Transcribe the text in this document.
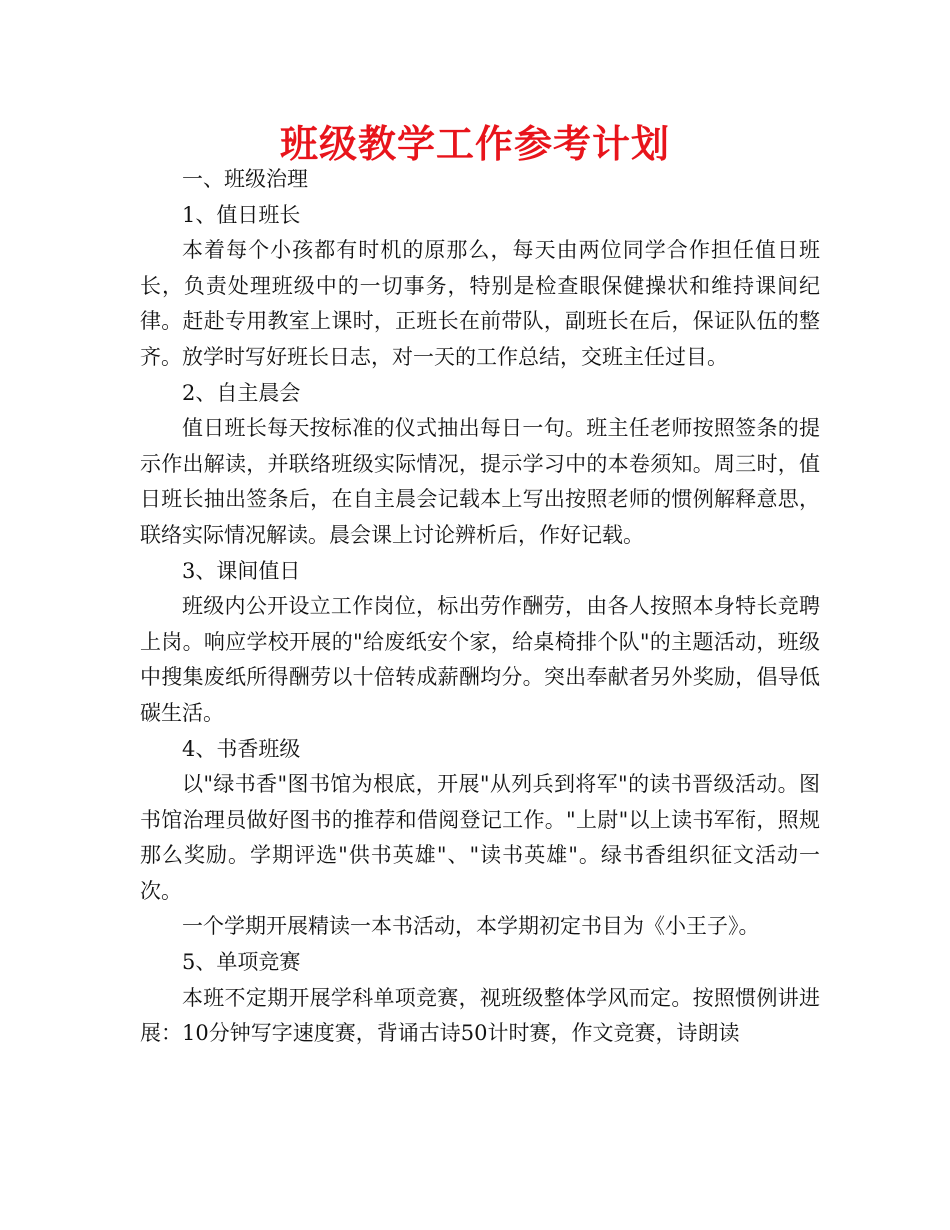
班级教学工作参考计划

一、班级治理

1、值日班长

本着每个小孩都有时机的原那么，每天由两位同学合作担任值日班长，负责处理班级中的一切事务，特别是检查眼保健操状和维持课间纪律。赶赴专用教室上课时，正班长在前带队，副班长在后，保证队伍的整齐。放学时写好班长日志，对一天的工作总结，交班主任过目。

2、自主晨会

值日班长每天按标准的仪式抽出每日一句。班主任老师按照签条的提示作出解读，并联络班级实际情况，提示学习中的本卷须知。周三时，值日班长抽出签条后，在自主晨会记载本上写出按照老师的惯例解释意思，联络实际情况解读。晨会课上讨论辨析后，作好记载。

3、课间值日

班级内公开设立工作岗位，标出劳作酬劳，由各人按照本身特长竞聘上岗。响应学校开展的"给废纸安个家，给桌椅排个队"的主题活动，班级中搜集废纸所得酬劳以十倍转成薪酬均分。突出奉献者另外奖励，倡导低碳生活。

4、书香班级

以"绿书香"图书馆为根底，开展"从列兵到将军"的读书晋级活动。图书馆治理员做好图书的推荐和借阅登记工作。"上尉"以上读书军衔，照规那么奖励。学期评选"供书英雄"、"读书英雄"。绿书香组织征文活动一次。

一个学期开展精读一本书活动，本学期初定书目为《小王子》。

5、单项竞赛

本班不定期开展学科单项竞赛，视班级整体学风而定。按照惯例讲进展：10分钟写字速度赛，背诵古诗50计时赛，作文竞赛，诗朗读
